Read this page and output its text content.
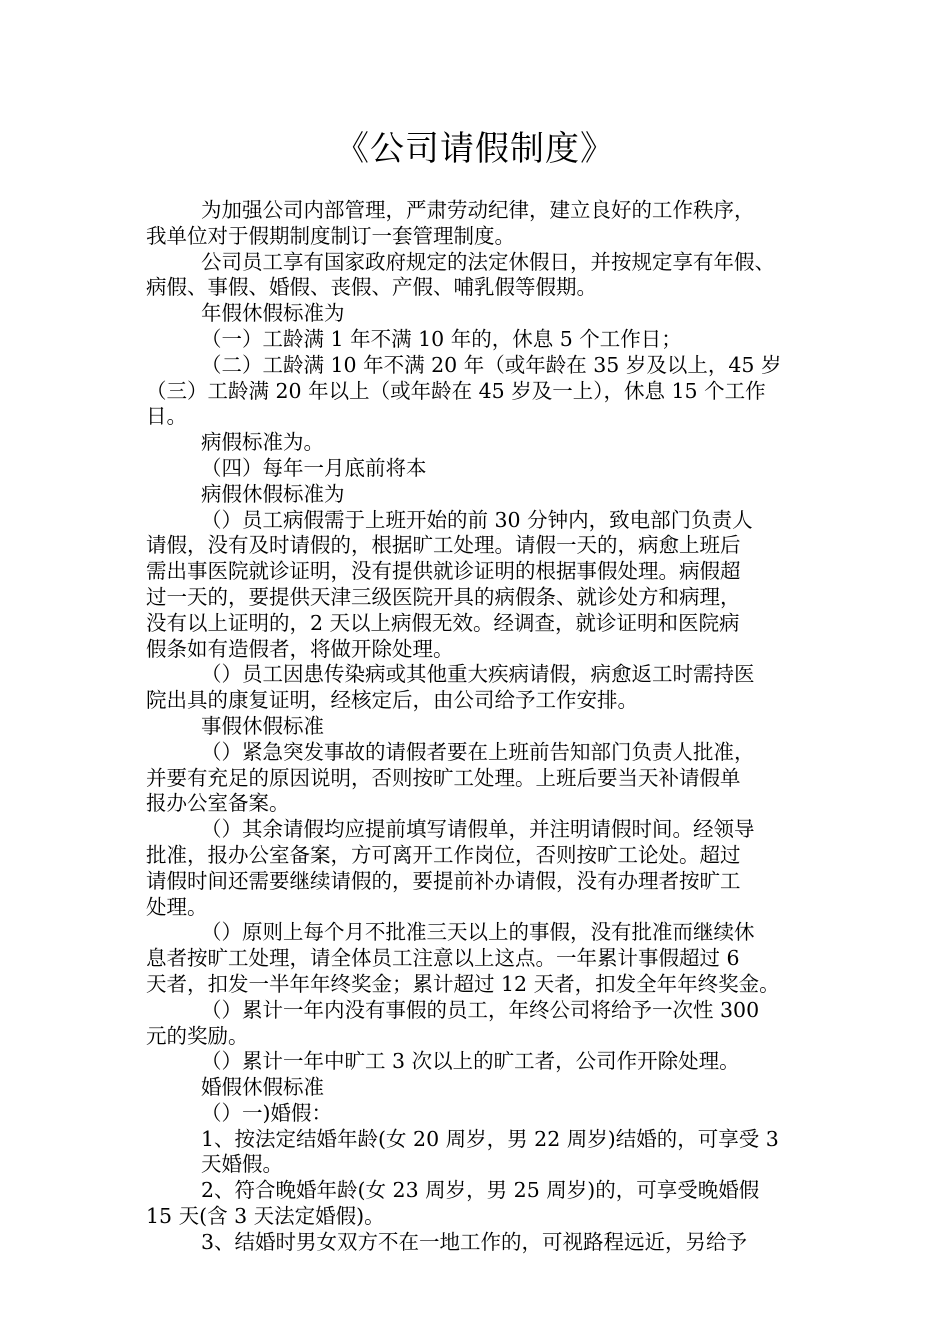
《公司请假制度》
为加强公司内部管理，严肃劳动纪律，建立良好的工作秩序，
我单位对于假期制度制订一套管理制度。
公司员工享有国家政府规定的法定休假日，并按规定享有年假、
病假、事假、婚假、丧假、产假、哺乳假等假期。
年假休假标准为
（一）工龄满 1 年不满 10 年的，休息 5 个工作日；
（二）工龄满 10 年不满 20 年（或年龄在 35 岁及以上，45 岁
（三）工龄满 20 年以上（或年龄在 45 岁及一上），休息 15 个工作
日。
病假标准为。
（四）每年一月底前将本
病假休假标准为
（）员工病假需于上班开始的前 30 分钟内，致电部门负责人
请假，没有及时请假的，根据旷工处理。请假一天的，病愈上班后
需出事医院就诊证明，没有提供就诊证明的根据事假处理。病假超
过一天的，要提供天津三级医院开具的病假条、就诊处方和病理，
没有以上证明的，2 天以上病假无效。经调查，就诊证明和医院病
假条如有造假者，将做开除处理。
（）员工因患传染病或其他重大疾病请假，病愈返工时需持医
院出具的康复证明，经核定后，由公司给予工作安排。
事假休假标准
（）紧急突发事故的请假者要在上班前告知部门负责人批准，
并要有充足的原因说明，否则按旷工处理。上班后要当天补请假单
报办公室备案。
（）其余请假均应提前填写请假单，并注明请假时间。经领导
批准，报办公室备案，方可离开工作岗位，否则按旷工论处。超过
请假时间还需要继续请假的，要提前补办请假，没有办理者按旷工
处理。
（）原则上每个月不批准三天以上的事假，没有批准而继续休
息者按旷工处理，请全体员工注意以上这点。一年累计事假超过 6
天者，扣发一半年年终奖金；累计超过 12 天者，扣发全年年终奖金。
（）累计一年内没有事假的员工，年终公司将给予一次性 300
元的奖励。
（）累计一年中旷工 3 次以上的旷工者，公司作开除处理。
婚假休假标准
（）一)婚假：
1、按法定结婚年龄(女 20 周岁，男 22 周岁)结婚的，可享受 3
天婚假。
2、符合晚婚年龄(女 23 周岁，男 25 周岁)的，可享受晚婚假
15 天(含 3 天法定婚假)。
3、结婚时男女双方不在一地工作的，可视路程远近，另给予
